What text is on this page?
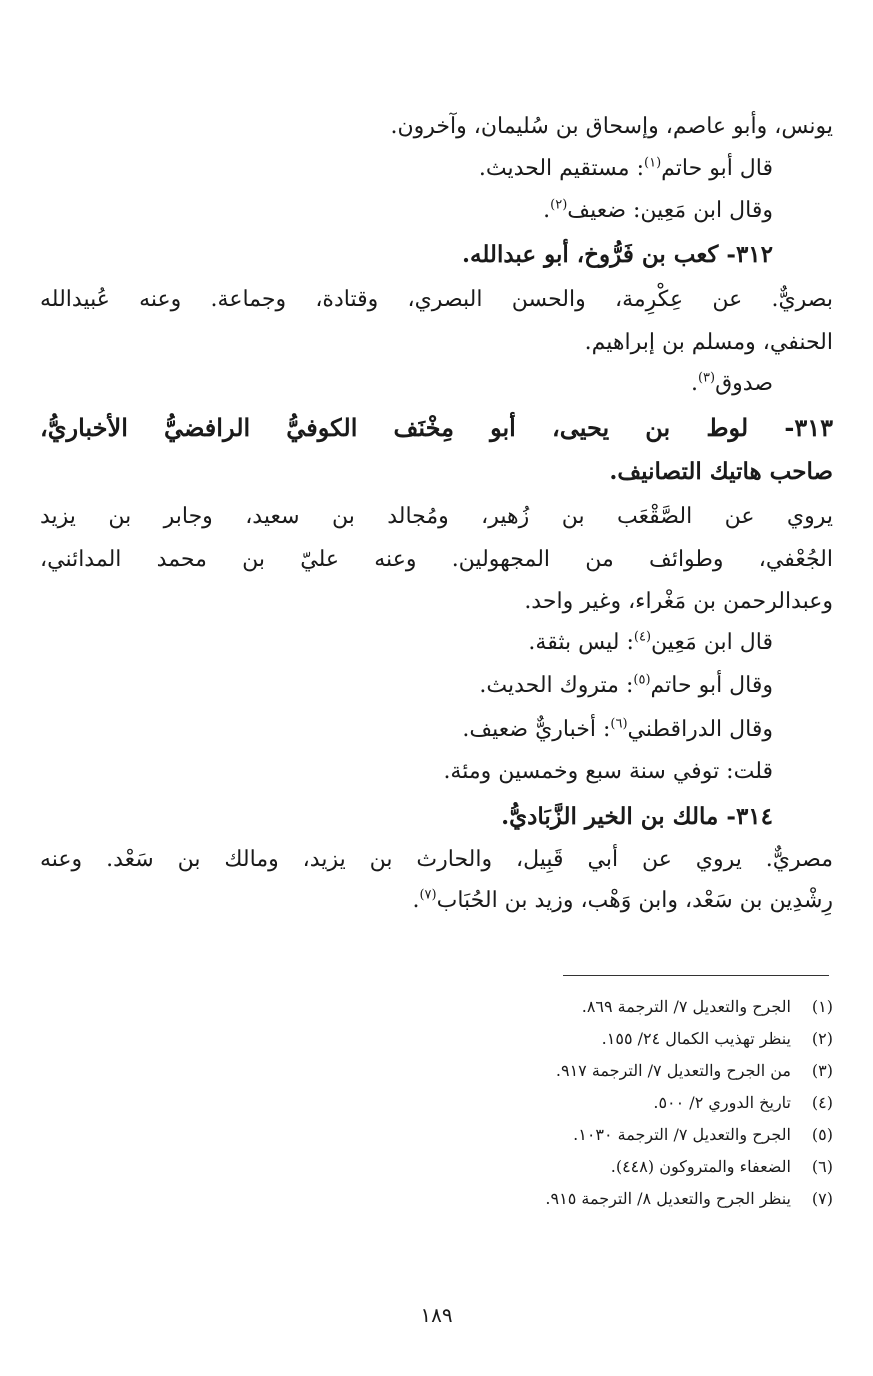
يونس، وأبو عاصم، وإسحاق بن سُليمان، وآخرون.
قال أبو حاتم$^{(١)}$: مستقيم الحديث.
وقال ابن مَعِين: ضعيف$^{(٢)}$.
٣١٢- كعب بن فَرُّوخ، أبو عبدالله.
بصريٌّ. عن عِكْرِمة، والحسن البصري، وقتادة، وجماعة. وعنه عُبيدالله
الحنفي، ومسلم بن إبراهيم.
صدوق$^{(٣)}$.
٣١٣- لوط بن يحيى، أبو مِخْنَف الكوفيُّ الرافضيُّ الأخباريُّ،
صاحب هاتيك التصانيف.
يروي عن الصَّقْعَب بن زُهير، ومُجالد بن سعيد، وجابر بن يزيد
الجُعْفي، وطوائف من المجهولين. وعنه عليّ بن محمد المدائني،
وعبدالرحمن بن مَغْراء، وغير واحد.
قال ابن مَعِين$^{(٤)}$: ليس بثقة.
وقال أبو حاتم$^{(٥)}$: متروك الحديث.
وقال الدراقطني$^{(٦)}$: أخباريٌّ ضعيف.
قلت: توفي سنة سبع وخمسين ومئة.
٣١٤- مالك بن الخير الزَّبَاديُّ.
مصريٌّ. يروي عن أبي قَبِيل، والحارث بن يزيد، ومالك بن سَعْد. وعنه
رِشْدِين بن سَعْد، وابن وَهْب، وزيد بن الحُبَاب$^{(٧)}$.
(١)الجرح والتعديل ٧/ الترجمة ٨٦٩.
(٢)ينظر تهذيب الكمال ٢٤/ ١٥٥.
(٣)من الجرح والتعديل ٧/ الترجمة ٩١٧.
(٤)تاريخ الدوري ٢/ ٥٠٠.
(٥)الجرح والتعديل ٧/ الترجمة ١٠٣٠.
(٦)الضعفاء والمتروكون (٤٤٨).
(٧)ينظر الجرح والتعديل ٨/ الترجمة ٩١٥.
١٨٩
